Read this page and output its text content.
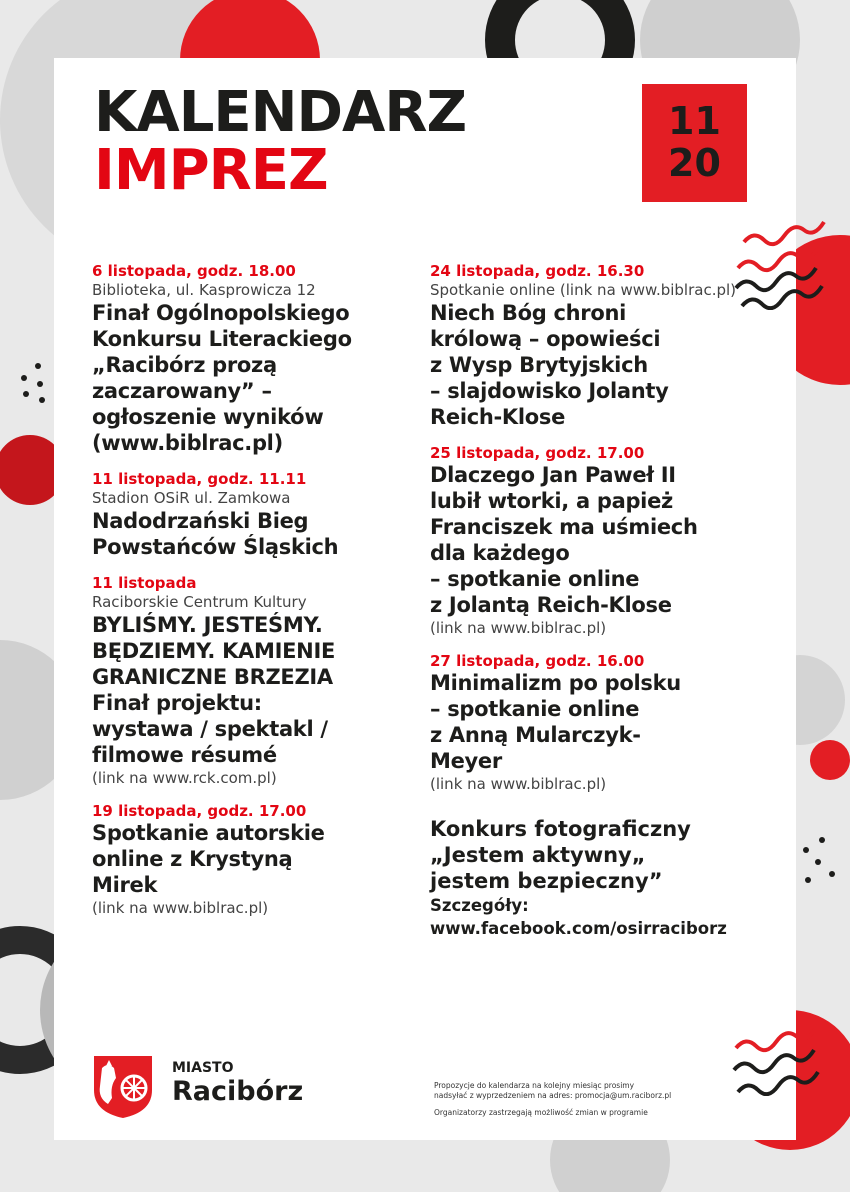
KALENDARZ
IMPREZ
11
20
6 listopada, godz. 18.00
Biblioteka, ul. Kasprowicza 12
Finał Ogólnopolskiego
Konkursu Literackiego
„Racibórz prozą
zaczarowany” –
ogłoszenie wyników
(www.biblrac.pl)
11 listopada, godz. 11.11
Stadion OSiR ul. Zamkowa
Nadodrzański Bieg
Powstańców Śląskich
11 listopada
Raciborskie Centrum Kultury
BYLIŚMY. JESTEŚMY.
BĘDZIEMY. KAMIENIE
GRANICZNE BRZEZIA
Finał projektu:
wystawa / spektakl /
filmowe résumé
(link na www.rck.com.pl)
19 listopada, godz. 17.00
Spotkanie autorskie
online z Krystyną
Mirek
(link na www.biblrac.pl)
24 listopada, godz. 16.30
Spotkanie online (link na www.biblrac.pl)
Niech Bóg chroni
królową – opowieści
z Wysp Brytyjskich
– slajdowisko Jolanty
Reich-Klose
25 listopada, godz. 17.00
Dlaczego Jan Paweł II
lubił wtorki, a papież
Franciszek ma uśmiech
dla każdego
– spotkanie online
z Jolantą Reich-Klose
(link na www.biblrac.pl)
27 listopada, godz. 16.00
Minimalizm po polsku
– spotkanie online
z Anną Mularczyk-
Meyer
(link na www.biblrac.pl)
Konkurs fotograficzny
„Jestem aktywny„
jestem bezpieczny”
Szczegóły:
www.facebook.com/osirraciborz
MIASTO
Racibórz	Propozycje do kalendarza na kolejny miesiąc prosimy
nadsyłać z wyprzedzeniem na adres: promocja@um.raciborz.pl
Organizatorzy zastrzegają możliwość zmian w programie
